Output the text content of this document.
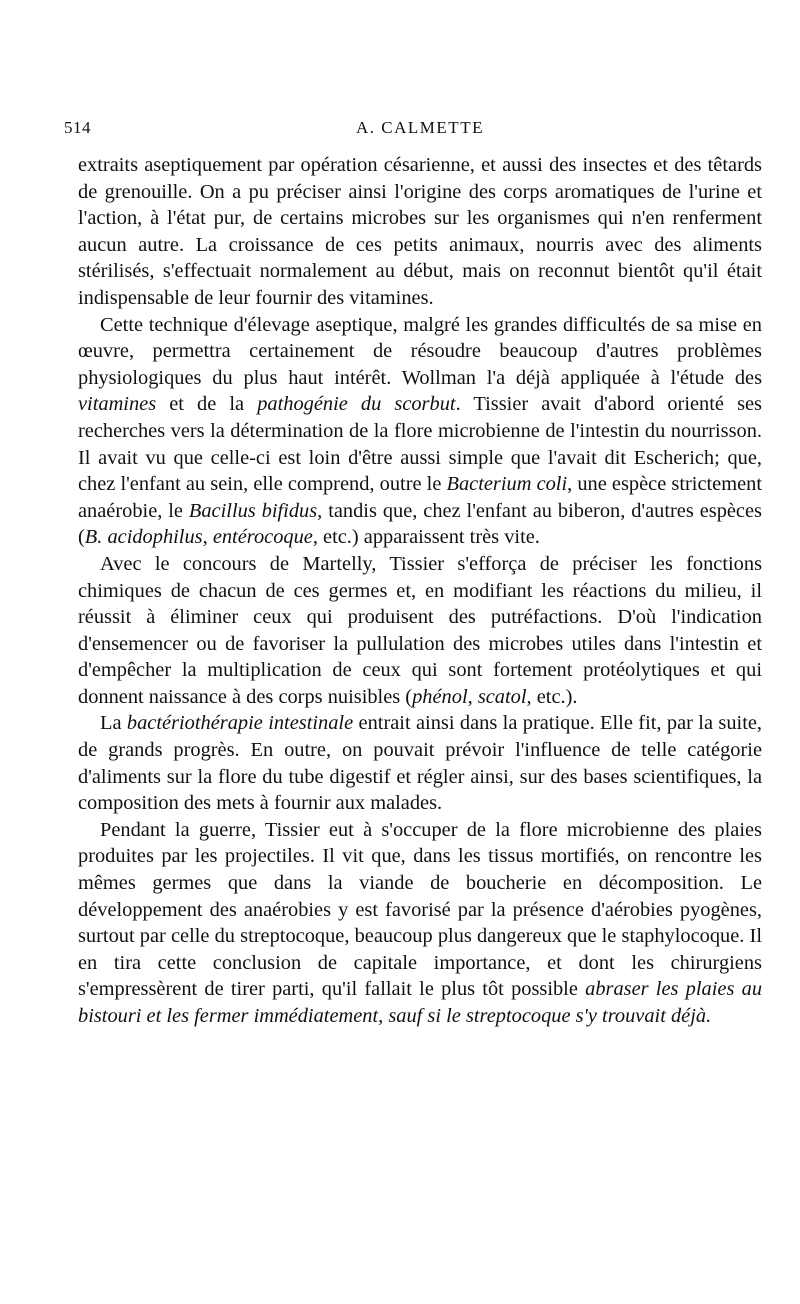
514	A. CALMETTE

extraits aseptiquement par opération césarienne, et aussi des insectes et des têtards de grenouille. On a pu préciser ainsi l'origine des corps aromatiques de l'urine et l'action, à l'état pur, de certains microbes sur les organismes qui n'en renferment aucun autre. La croissance de ces petits animaux, nourris avec des aliments stérilisés, s'effectuait normalement au début, mais on reconnut bientôt qu'il était indispensable de leur fournir des vitamines.

Cette technique d'élevage aseptique, malgré les grandes difficultés de sa mise en œuvre, permettra certainement de résoudre beaucoup d'autres problèmes physiologiques du plus haut intérêt. Wollman l'a déjà appliquée à l'étude des vitamines et de la pathogénie du scorbut. Tissier avait d'abord orienté ses recherches vers la détermination de la flore microbienne de l'intestin du nourrisson. Il avait vu que celle-ci est loin d'être aussi simple que l'avait dit Escherich; que, chez l'enfant au sein, elle comprend, outre le Bacterium coli, une espèce strictement anaérobie, le Bacillus bifidus, tandis que, chez l'enfant au biberon, d'autres espèces (B. acidophilus, entérocoque, etc.) apparaissent très vite.

Avec le concours de Martelly, Tissier s'efforça de préciser les fonctions chimiques de chacun de ces germes et, en modifiant les réactions du milieu, il réussit à éliminer ceux qui produisent des putréfactions. D'où l'indication d'ensemencer ou de favoriser la pullulation des microbes utiles dans l'intestin et d'empêcher la multiplication de ceux qui sont fortement protéolytiques et qui donnent naissance à des corps nuisibles (phénol, scatol, etc.).

La bactériothérapie intestinale entrait ainsi dans la pratique. Elle fit, par la suite, de grands progrès. En outre, on pouvait prévoir l'influence de telle catégorie d'aliments sur la flore du tube digestif et régler ainsi, sur des bases scientifiques, la composition des mets à fournir aux malades.

Pendant la guerre, Tissier eut à s'occuper de la flore microbienne des plaies produites par les projectiles. Il vit que, dans les tissus mortifiés, on rencontre les mêmes germes que dans la viande de boucherie en décomposition. Le développement des anaérobies y est favorisé par la présence d'aérobies pyogènes, surtout par celle du streptocoque, beaucoup plus dangereux que le staphylocoque. Il en tira cette conclusion de capitale importance, et dont les chirurgiens s'empressèrent de tirer parti, qu'il fallait le plus tôt possible abraser les plaies au bistouri et les fermer immédiatement, sauf si le streptocoque s'y trouvait déjà.
